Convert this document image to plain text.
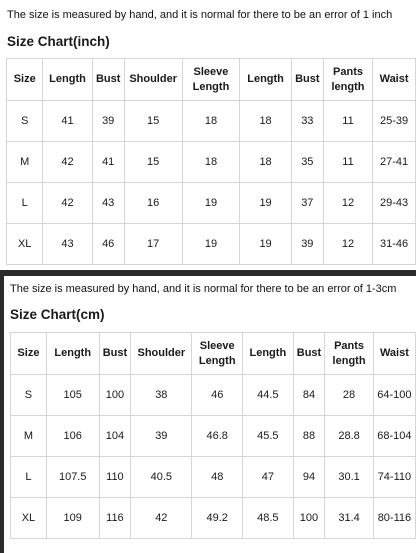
The size is measured by hand, and it is normal for there to be an error of 1 inch
Size Chart(inch)
Size	Length	Bust	Shoulder	Sleeve Length	Length	Bust	Pants length	Waist
S	41	39	15	18	18	33	11	25-39
M	42	41	15	18	18	35	11	27-41
L	42	43	16	19	19	37	12	29-43
XL	43	46	17	19	19	39	12	31-46
The size is measured by hand, and it is normal for there to be an error of 1-3cm
Size Chart(cm)
Size	Length	Bust	Shoulder	Sleeve Length	Length	Bust	Pants length	Waist
S	105	100	38	46	44.5	84	28	64-100
M	106	104	39	46.8	45.5	88	28.8	68-104
L	107.5	110	40.5	48	47	94	30.1	74-110
XL	109	116	42	49.2	48.5	100	31.4	80-116
